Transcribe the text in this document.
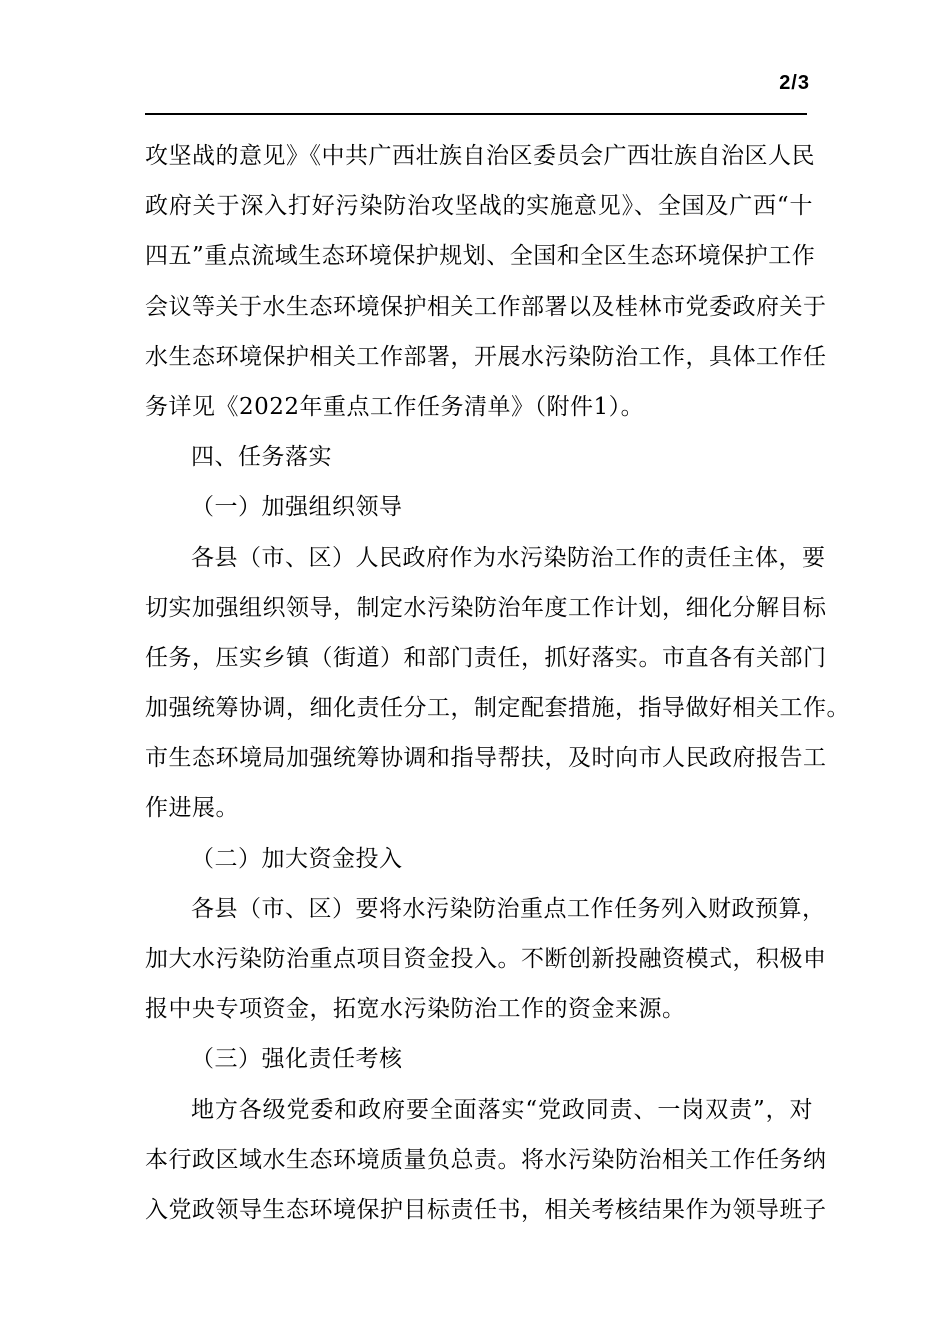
2/3
攻坚战的意见》《中共广西壮族自治区委员会广西壮族自治区人民
政府关于深入打好污染防治攻坚战的实施意见》、全国及广西“十
四五”重点流域生态环境保护规划、全国和全区生态环境保护工作
会议等关于水生态环境保护相关工作部署以及桂林市党委政府关于
水生态环境保护相关工作部署，开展水污染防治工作，具体工作任
务详见《2022年重点工作任务清单》（附件1）。
四、任务落实
（一）加强组织领导
各县（市、区）人民政府作为水污染防治工作的责任主体，要
切实加强组织领导，制定水污染防治年度工作计划，细化分解目标
任务，压实乡镇（街道）和部门责任，抓好落实。市直各有关部门
加强统筹协调，细化责任分工，制定配套措施，指导做好相关工作。
市生态环境局加强统筹协调和指导帮扶，及时向市人民政府报告工
作进展。
（二）加大资金投入
各县（市、区）要将水污染防治重点工作任务列入财政预算，
加大水污染防治重点项目资金投入。不断创新投融资模式，积极申
报中央专项资金，拓宽水污染防治工作的资金来源。
（三）强化责任考核
地方各级党委和政府要全面落实“党政同责、一岗双责”，对
本行政区域水生态环境质量负总责。将水污染防治相关工作任务纳
入党政领导生态环境保护目标责任书，相关考核结果作为领导班子
